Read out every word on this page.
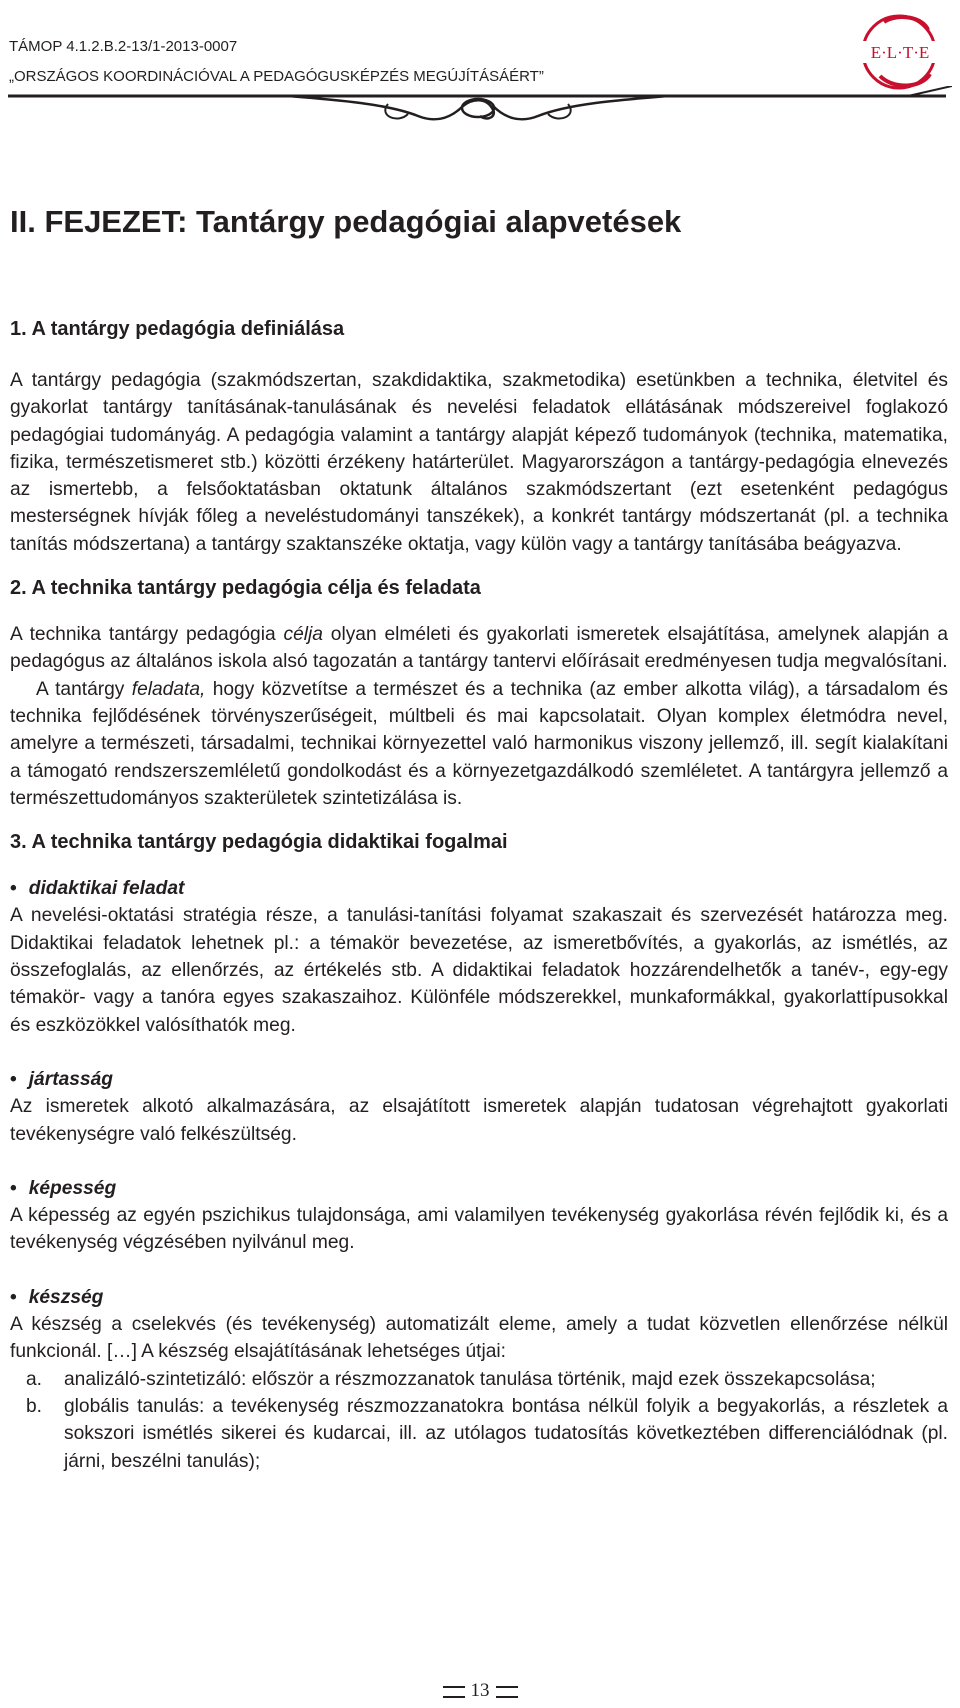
TÁMOP 4.1.2.B.2-13/1-2013-0007
„ORSZÁGOS KOORDINÁCIÓVAL A PEDAGÓGUSKÉPZÉS MEGÚJÍTÁSÁÉRT”
E·L·T·E
II. FEJEZET: Tantárgy pedagógiai alapvetések
1. A tantárgy pedagógia definiálása

A tantárgy pedagógia (szakmódszertan, szakdidaktika, szakmetodika) esetünkben a technika, életvitel és gyakorlat tantárgy tanításának-tanulásának és nevelési feladatok ellátásának módszereivel foglakozó pedagógiai tudományág. A pedagógia valamint a tantárgy alapját képező tudományok (technika, matematika, fizika, természetismeret stb.) közötti érzékeny határterület. Magyarországon a tantárgy-pedagógia elnevezés az ismertebb, a felsőoktatásban oktatunk általános szakmódszertant (ezt esetenként pedagógus mesterségnek hívják főleg a neveléstudományi tanszékek), a konkrét tantárgy módszertanát (pl. a technika tanítás módszertana) a tantárgy szaktanszéke oktatja, vagy külön vagy a tantárgy tanításába beágyazva.

2. A technika tantárgy pedagógia célja és feladata

A technika tantárgy pedagógia célja olyan elméleti és gyakorlati ismeretek elsajátítása, amelynek alapján a pedagógus az általános iskola alsó tagozatán a tantárgy tantervi előírásait eredményesen tudja megvalósítani.

A tantárgy feladata, hogy közvetítse a természet és a technika (az ember alkotta világ), a társadalom és technika fejlődésének törvényszerűségeit, múltbeli és mai kapcsolatait. Olyan komplex életmódra nevel, amelyre a természeti, társadalmi, technikai környezettel való harmonikus viszony jellemző, ill. segít kialakítani a támogató rendszerszemléletű gondolkodást és a környezetgazdálkodó szemléletet. A tantárgyra jellemző a természettudományos szakterületek szintetizálása is.

3. A technika tantárgy pedagógia didaktikai fogalmai
• didaktikai feladat

A nevelési-oktatási stratégia része, a tanulási-tanítási folyamat szakaszait és szervezését határozza meg. Didaktikai feladatok lehetnek pl.: a témakör bevezetése, az ismeretbővítés, a gyakorlás, az ismétlés, az összefoglalás, az ellenőrzés, az értékelés stb. A didaktikai feladatok hozzárendelhetők a tanév-, egy-egy témakör- vagy a tanóra egyes szakaszaihoz. Különféle módszerekkel, munkaformákkal, gyakorlattípusokkal és eszközökkel valósíthatók meg.

• jártasság

Az ismeretek alkotó alkalmazására, az elsajátított ismeretek alapján tudatosan végrehajtott gyakorlati tevékenységre való felkészültség.

• képesség

A képesség az egyén pszichikus tulajdonsága, ami valamilyen tevékenység gyakorlása révén fejlődik ki, és a tevékenység végzésében nyilvánul meg.

• készség

A készség a cselekvés (és tevékenység) automatizált eleme, amely a tudat közvetlen ellenőrzése nélkül funkcionál. […] A készség elsajátításának lehetséges útjai:

a. analizáló-szintetizáló: először a részmozzanatok tanulása történik, majd ezek összekapcsolása;
b. globális tanulás: a tevékenység részmozzanatokra bontása nélkül folyik a begyakorlás, a részletek a sokszori ismétlés sikerei és kudarcai, ill. az utólagos tudatosítás következtében differenciálódnak (pl. járni, beszélni tanulás);
13
